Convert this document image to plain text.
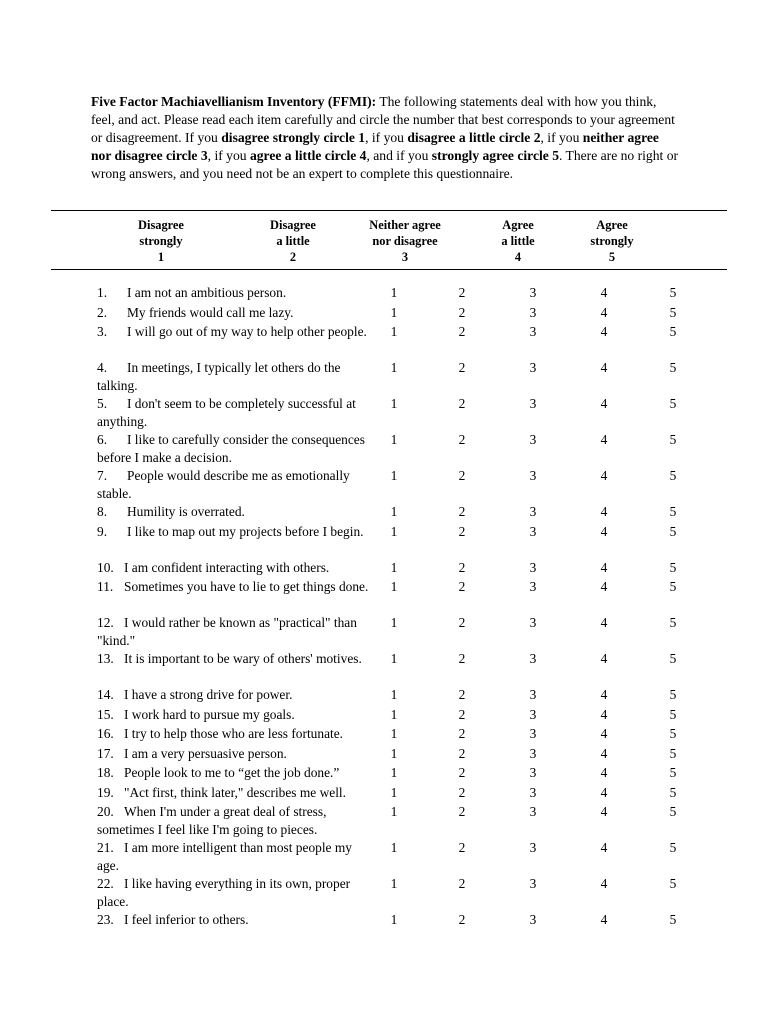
Five Factor Machiavellianism Inventory (FFMI): The following statements deal with how you think, feel, and act. Please read each item carefully and circle the number that best corresponds to your agreement or disagreement. If you disagree strongly circle 1, if you disagree a little circle 2, if you neither agree nor disagree circle 3, if you agree a little circle 4, and if you strongly agree circle 5. There are no right or wrong answers, and you need not be an expert to complete this questionnaire.
Disagree
strongly
1
Disagree
a little
2
Neither agree
nor disagree
3
Agree
a little
4
Agree
strongly
5
1. I am not an ambitious person.	1	2	3	4	5
2. My friends would call me lazy.	1	2	3	4	5
3. I will go out of my way to help other people.	1	2	3	4	5
4. In meetings, I typically let others do the talking.
1	2	3	4	5
5. I don't seem to be completely successful at anything.
1	2	3	4	5
6. I like to carefully consider the consequences before I make a decision.
1	2	3	4	5
7. People would describe me as emotionally stable.
1	2	3	4	5
8. Humility is overrated.	1	2	3	4	5
9. I like to map out my projects before I begin.	1	2	3	4	5
10. I am confident interacting with others.	1	2	3	4	5
11. Sometimes you have to lie to get things done.	1	2	3	4	5
12. I would rather be known as "practical" than "kind."
1	2	3	4	5
13. It is important to be wary of others' motives.	1	2	3	4	5
14. I have a strong drive for power.	1	2	3	4	5
15. I work hard to pursue my goals.	1	2	3	4	5
16. I try to help those who are less fortunate.	1	2	3	4	5
17. I am a very persuasive person.	1	2	3	4	5
18. People look to me to “get the job done.”	1	2	3	4	5
19. "Act first, think later," describes me well.	1	2	3	4	5
20. When I'm under a great deal of stress, sometimes I feel like I'm going to pieces.
1	2	3	4	5
21. I am more intelligent than most people my age.
1	2	3	4	5
22. I like having everything in its own, proper place.
1	2	3	4	5
23. I feel inferior to others.	1	2	3	4	5
